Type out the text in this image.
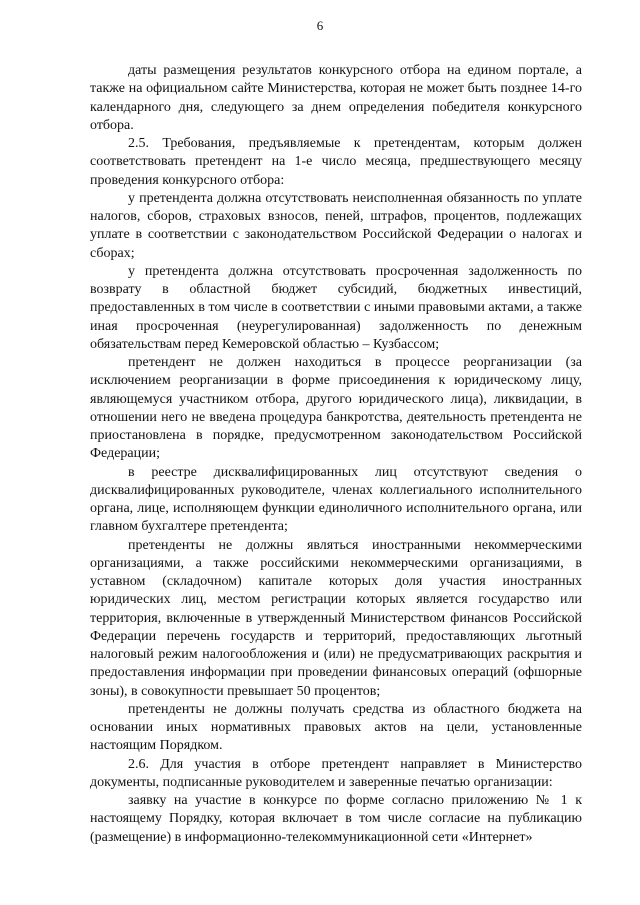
6

даты размещения результатов конкурсного отбора на едином портале, а также на официальном сайте Министерства, которая не может быть позднее 14-го календарного дня, следующего за днем определения победителя конкурсного отбора.

2.5. Требования, предъявляемые к претендентам, которым должен соответствовать претендент на 1-е число месяца, предшествующего месяцу проведения конкурсного отбора:

у претендента должна отсутствовать неисполненная обязанность по уплате налогов, сборов, страховых взносов, пеней, штрафов, процентов, подлежащих уплате в соответствии с законодательством Российской Федерации о налогах и сборах;

у претендента должна отсутствовать просроченная задолженность по возврату в областной бюджет субсидий, бюджетных инвестиций, предоставленных в том числе в соответствии с иными правовыми актами, а также иная просроченная (неурегулированная) задолженность по денежным обязательствам перед Кемеровской областью – Кузбассом;

претендент не должен находиться в процессе реорганизации (за исключением реорганизации в форме присоединения к юридическому лицу, являющемуся участником отбора, другого юридического лица), ликвидации, в отношении него не введена процедура банкротства, деятельность претендента не приостановлена в порядке, предусмотренном законодательством Российской Федерации;

в реестре дисквалифицированных лиц отсутствуют сведения о дисквалифицированных руководителе, членах коллегиального исполнительного органа, лице, исполняющем функции единоличного исполнительного органа, или главном бухгалтере претендента;

претенденты не должны являться иностранными некоммерческими организациями, а также российскими некоммерческими организациями, в уставном (складочном) капитале которых доля участия иностранных юридических лиц, местом регистрации которых является государство или территория, включенные в утвержденный Министерством финансов Российской Федерации перечень государств и территорий, предоставляющих льготный налоговый режим налогообложения и (или) не предусматривающих раскрытия и предоставления информации при проведении финансовых операций (офшорные зоны), в совокупности превышает 50 процентов;

претенденты не должны получать средства из областного бюджета на основании иных нормативных правовых актов на цели, установленные настоящим Порядком.

2.6. Для участия в отборе претендент направляет в Министерство документы, подписанные руководителем и заверенные печатью организации:

заявку на участие в конкурсе по форме согласно приложению № 1 к настоящему Порядку, которая включает в том числе согласие на публикацию (размещение) в информационно-телекоммуникационной сети «Интернет»
